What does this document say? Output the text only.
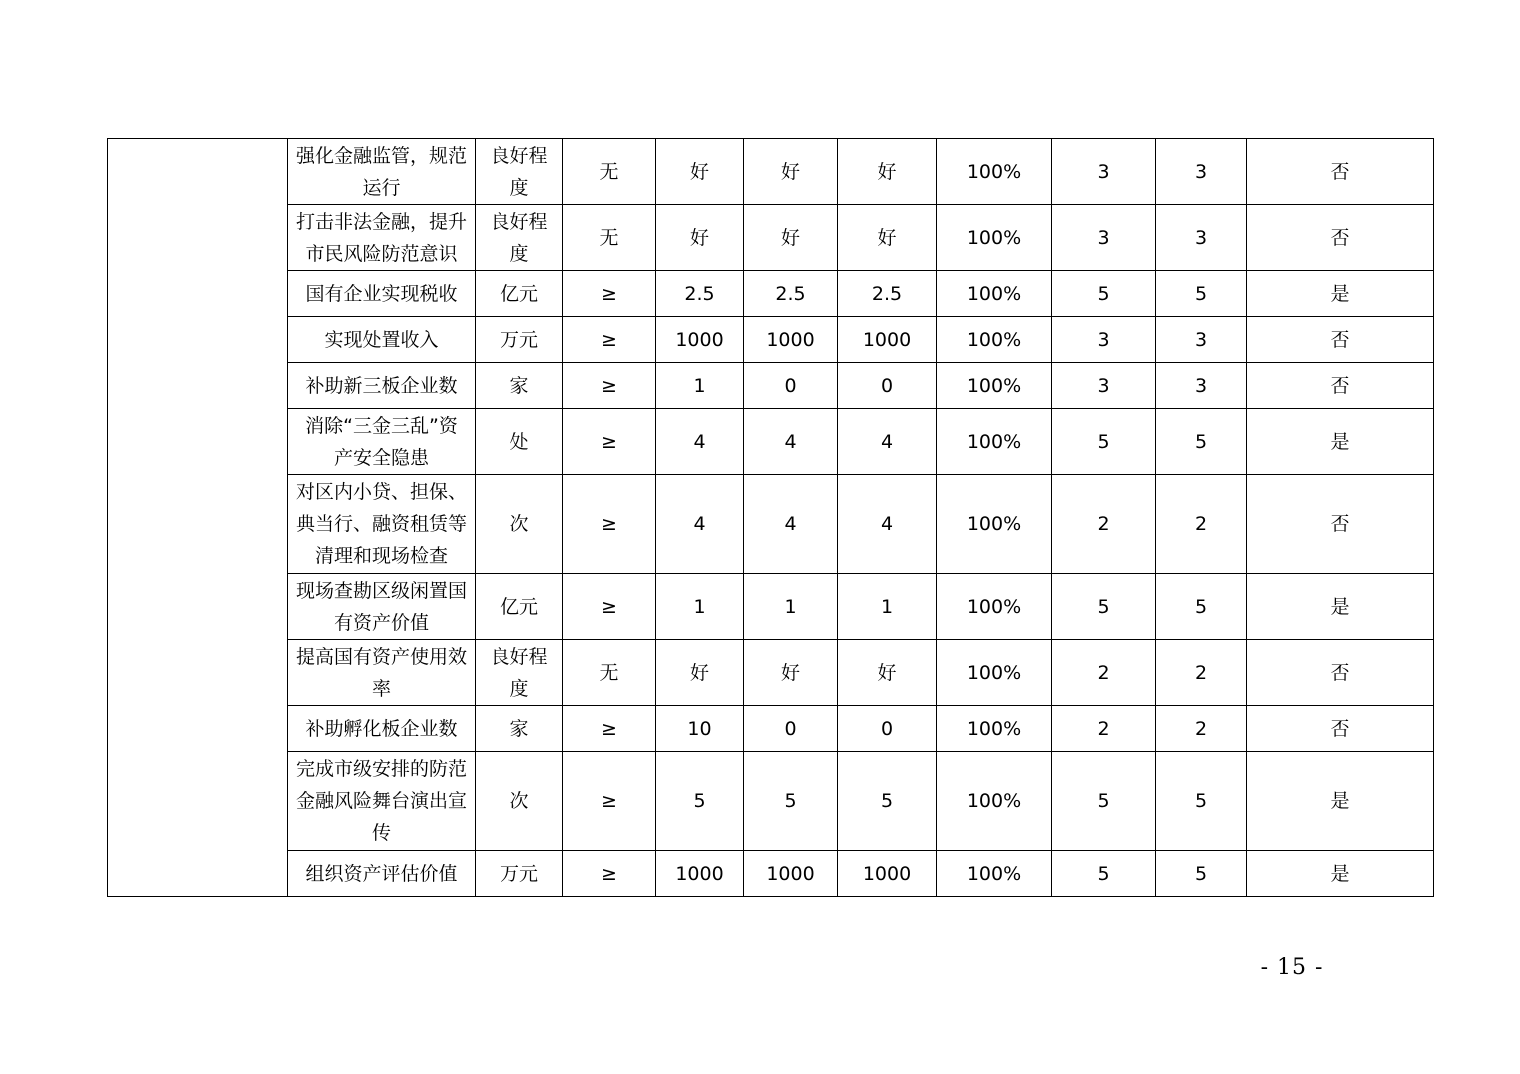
	强化金融监管，规范运行	良好程度	无	好	好	好	100%	3	3	否
	打击非法金融，提升市民风险防范意识	良好程度	无	好	好	好	100%	3	3	否
	国有企业实现税收	亿元	≥	2.5	2.5	2.5	100%	5	5	是
	实现处置收入	万元	≥	1000	1000	1000	100%	3	3	否
	补助新三板企业数	家	≥	1	0	0	100%	3	3	否
	消除“三金三乱”资产安全隐患	处	≥	4	4	4	100%	5	5	是
	对区内小贷、担保、典当行、融资租赁等清理和现场检查	次	≥	4	4	4	100%	2	2	否
	现场查勘区级闲置国有资产价值	亿元	≥	1	1	1	100%	5	5	是
	提高国有资产使用效率	良好程度	无	好	好	好	100%	2	2	否
	补助孵化板企业数	家	≥	10	0	0	100%	2	2	否
	完成市级安排的防范金融风险舞台演出宣传	次	≥	5	5	5	100%	5	5	是
	组织资产评估价值	万元	≥	1000	1000	1000	100%	5	5	是
- 15 -
